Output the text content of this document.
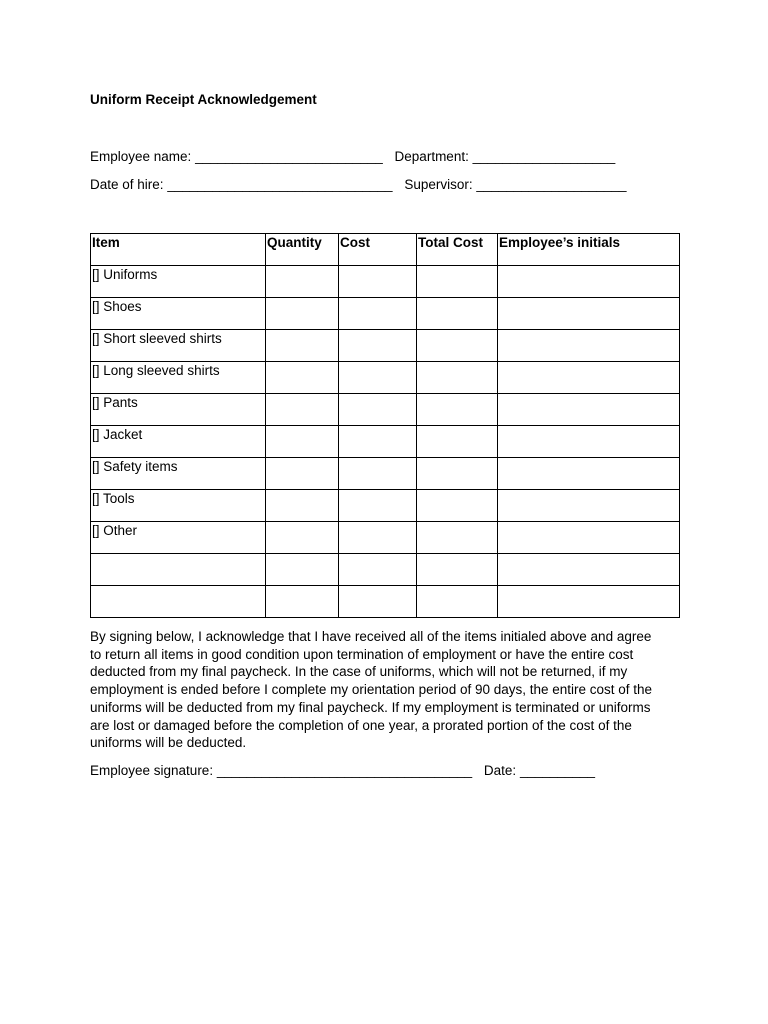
Uniform Receipt Acknowledgement
Employee name: _________________________ Department: ___________________
Date of hire: ______________________________ Supervisor: ____________________
Item	Quantity	Cost	Total Cost	Employee’s initials
[] Uniforms				
[] Shoes				
[] Short sleeved shirts				
[] Long sleeved shirts				
[] Pants				
[] Jacket				
[] Safety items				
[] Tools				
[] Other				

By signing below, I acknowledge that I have received all of the items initialed above and agree
to return all items in good condition upon termination of employment or have the entire cost
deducted from my final paycheck. In the case of uniforms, which will not be returned, if my
employment is ended before I complete my orientation period of 90 days, the entire cost of the
uniforms will be deducted from my final paycheck. If my employment is terminated or uniforms
are lost or damaged before the completion of one year, a prorated portion of the cost of the
uniforms will be deducted.
Employee signature: __________________________________ Date: __________
